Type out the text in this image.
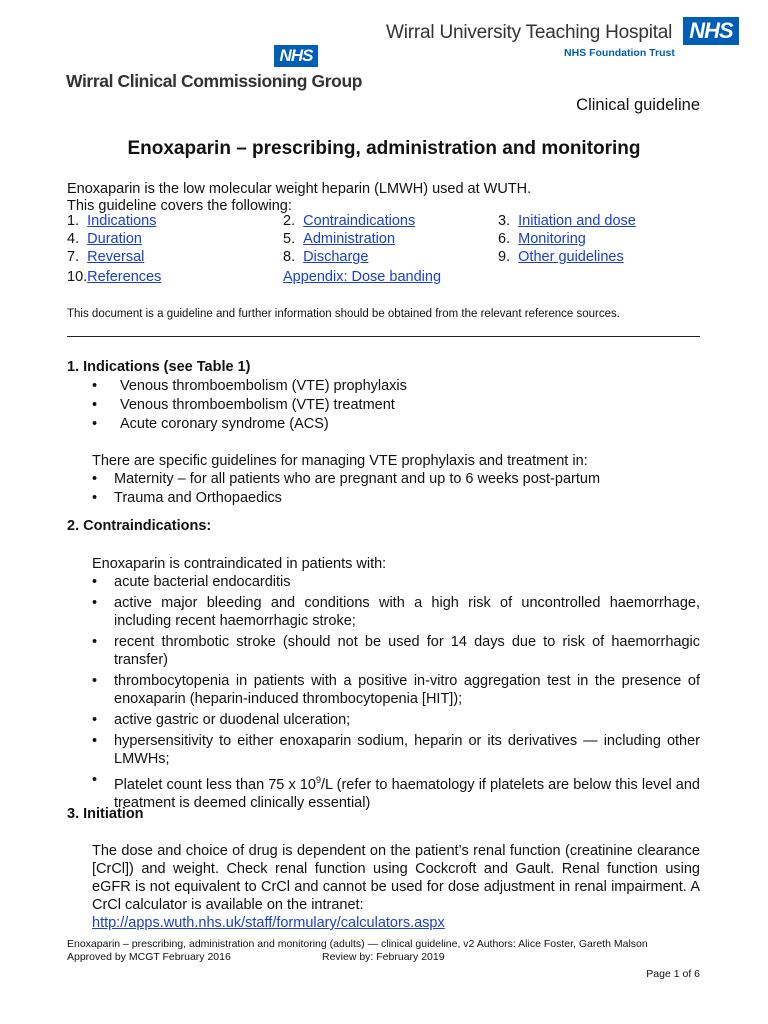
Wirral University Teaching Hospital NHS
NHS Foundation Trust
NHS
Wirral Clinical Commissioning Group
Clinical guideline
Enoxaparin – prescribing, administration and monitoring
Enoxaparin is the low molecular weight heparin (LMWH) used at WUTH.
This guideline covers the following:
1. Indications	2. Contraindications	3. Initiation and dose
4. Duration	5. Administration	6. Monitoring
7. Reversal	8. Discharge	9. Other guidelines
10.References	Appendix: Dose banding
This document is a guideline and further information should be obtained from the relevant reference sources.
1. Indications (see Table 1)
• Venous thromboembolism (VTE) prophylaxis
• Venous thromboembolism (VTE) treatment
• Acute coronary syndrome (ACS)
There are specific guidelines for managing VTE prophylaxis and treatment in:
• Maternity – for all patients who are pregnant and up to 6 weeks post-partum
• Trauma and Orthopaedics
2. Contraindications:
Enoxaparin is contraindicated in patients with:
• acute bacterial endocarditis
• active major bleeding and conditions with a high risk of uncontrolled haemorrhage, including recent haemorrhagic stroke;
• recent thrombotic stroke (should not be used for 14 days due to risk of haemorrhagic transfer)
• thrombocytopenia in patients with a positive in-vitro aggregation test in the presence of enoxaparin (heparin-induced thrombocytopenia [HIT]);
• active gastric or duodenal ulceration;
• hypersensitivity to either enoxaparin sodium, heparin or its derivatives — including other LMWHs;
• Platelet count less than 75 x $10^9/L$ (refer to haematology if platelets are below this level and treatment is deemed clinically essential)
3. Initiation
The dose and choice of drug is dependent on the patient’s renal function (creatinine clearance [CrCl]) and weight. Check renal function using Cockcroft and Gault. Renal function using eGFR is not equivalent to CrCl and cannot be used for dose adjustment in renal impairment. A CrCl calculator is available on the intranet:
http://apps.wuth.nhs.uk/staff/formulary/calculators.aspx
Enoxaparin – prescribing, administration and monitoring (adults) — clinical guideline, v2 Authors: Alice Foster, Gareth Malson
Approved by MCGT February 2016	Review by: February 2019
Page 1 of 6
